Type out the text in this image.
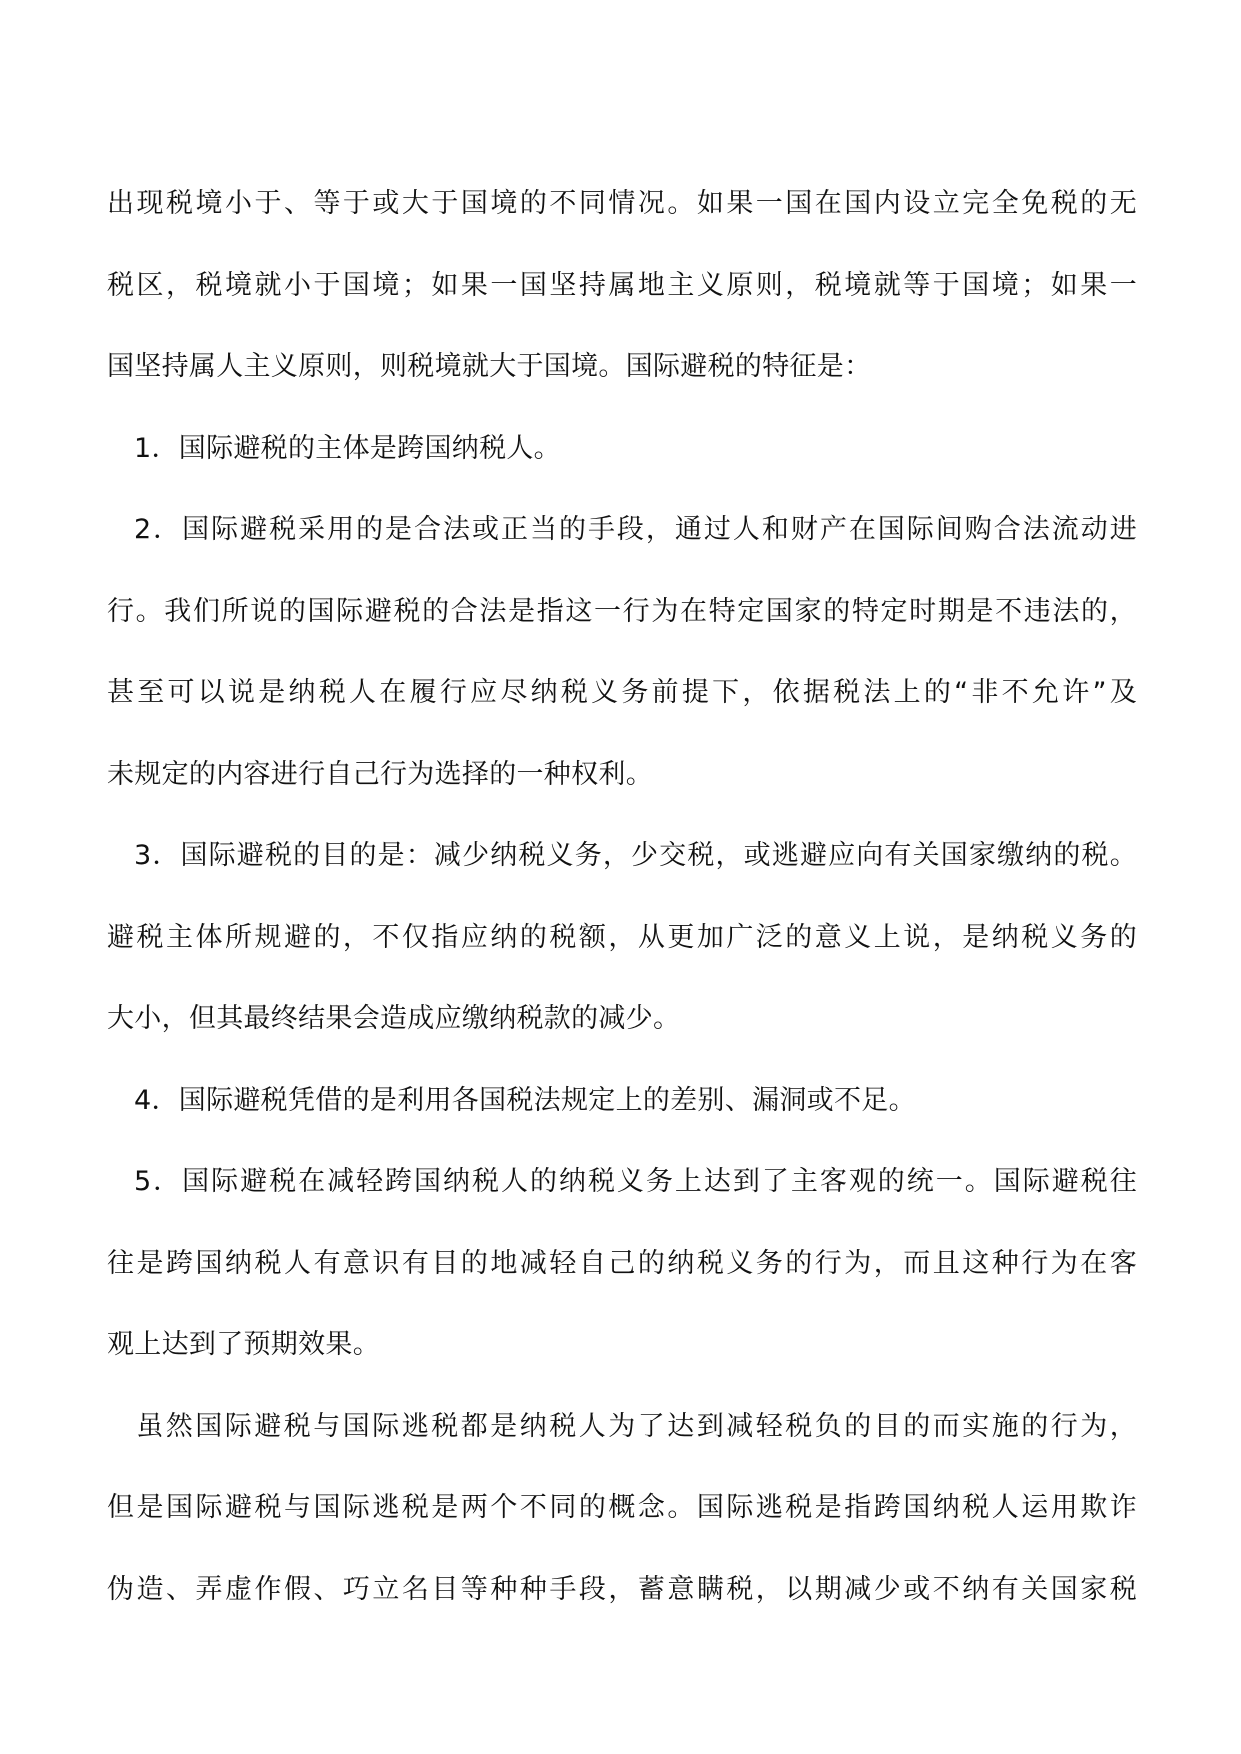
出现税境小于、等于或大于国境的不同情况。如果一国在国内设立完全免税的无
税区，税境就小于国境；如果一国坚持属地主义原则，税境就等于国境；如果一
国坚持属人主义原则，则税境就大于国境。国际避税的特征是：
1．国际避税的主体是跨国纳税人。
2．国际避税采用的是合法或正当的手段，通过人和财产在国际间购合法流动进
行。我们所说的国际避税的合法是指这一行为在特定国家的特定时期是不违法的，
甚至可以说是纳税人在履行应尽纳税义务前提下，依据税法上的“非不允许”及
未规定的内容进行自己行为选择的一种权利。
3．国际避税的目的是：减少纳税义务，少交税，或逃避应向有关国家缴纳的税。
避税主体所规避的，不仅指应纳的税额，从更加广泛的意义上说，是纳税义务的
大小，但其最终结果会造成应缴纳税款的减少。
4．国际避税凭借的是利用各国税法规定上的差别、漏洞或不足。
5．国际避税在减轻跨国纳税人的纳税义务上达到了主客观的统一。国际避税往
往是跨国纳税人有意识有目的地减轻自己的纳税义务的行为，而且这种行为在客
观上达到了预期效果。
虽然国际避税与国际逃税都是纳税人为了达到减轻税负的目的而实施的行为，
但是国际避税与国际逃税是两个不同的概念。国际逃税是指跨国纳税人运用欺诈
伪造、弄虚作假、巧立名目等种种手段，蓄意瞒税，以期减少或不纳有关国家税
